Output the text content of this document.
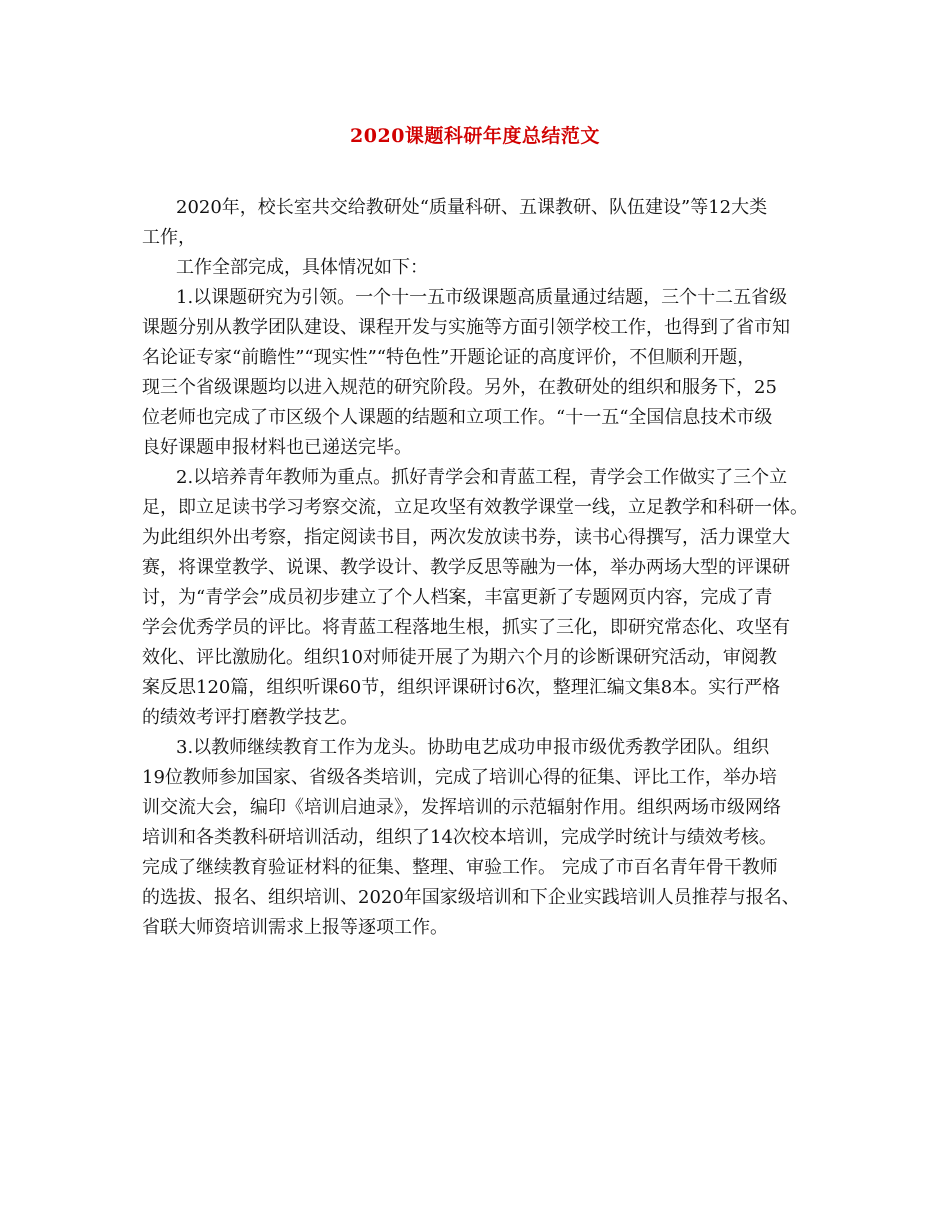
2020课题科研年度总结范文
2020年，校长室共交给教研处“质量科研、五课教研、队伍建设”等12大类
工作，
工作全部完成，具体情况如下：
1.以课题研究为引领。一个十一五市级课题高质量通过结题，三个十二五省级
课题分别从教学团队建设、课程开发与实施等方面引领学校工作，也得到了省市知
名论证专家“前瞻性”“现实性”“特色性”开题论证的高度评价，不但顺利开题，
现三个省级课题均以进入规范的研究阶段。另外，在教研处的组织和服务下，25
位老师也完成了市区级个人课题的结题和立项工作。“十一五“全国信息技术市级
良好课题申报材料也已递送完毕。
2.以培养青年教师为重点。抓好青学会和青蓝工程，青学会工作做实了三个立
足，即立足读书学习考察交流，立足攻坚有效教学课堂一线，立足教学和科研一体。
为此组织外出考察，指定阅读书目，两次发放读书券，读书心得撰写，活力课堂大
赛，将课堂教学、说课、教学设计、教学反思等融为一体，举办两场大型的评课研
讨，为“青学会”成员初步建立了个人档案，丰富更新了专题网页内容，完成了青
学会优秀学员的评比。将青蓝工程落地生根，抓实了三化，即研究常态化、攻坚有
效化、评比激励化。组织10对师徒开展了为期六个月的诊断课研究活动，审阅教
案反思120篇，组织听课60节，组织评课研讨6次，整理汇编文集8本。实行严格
的绩效考评打磨教学技艺。
3.以教师继续教育工作为龙头。协助电艺成功申报市级优秀教学团队。组织
19位教师参加国家、省级各类培训，完成了培训心得的征集、评比工作，举办培
训交流大会，编印《培训启迪录》，发挥培训的示范辐射作用。组织两场市级网络
培训和各类教科研培训活动，组织了14次校本培训，完成学时统计与绩效考核。
完成了继续教育验证材料的征集、整理、审验工作。 完成了市百名青年骨干教师
的选拔、报名、组织培训、2020年国家级培训和下企业实践培训人员推荐与报名、
省联大师资培训需求上报等逐项工作。
